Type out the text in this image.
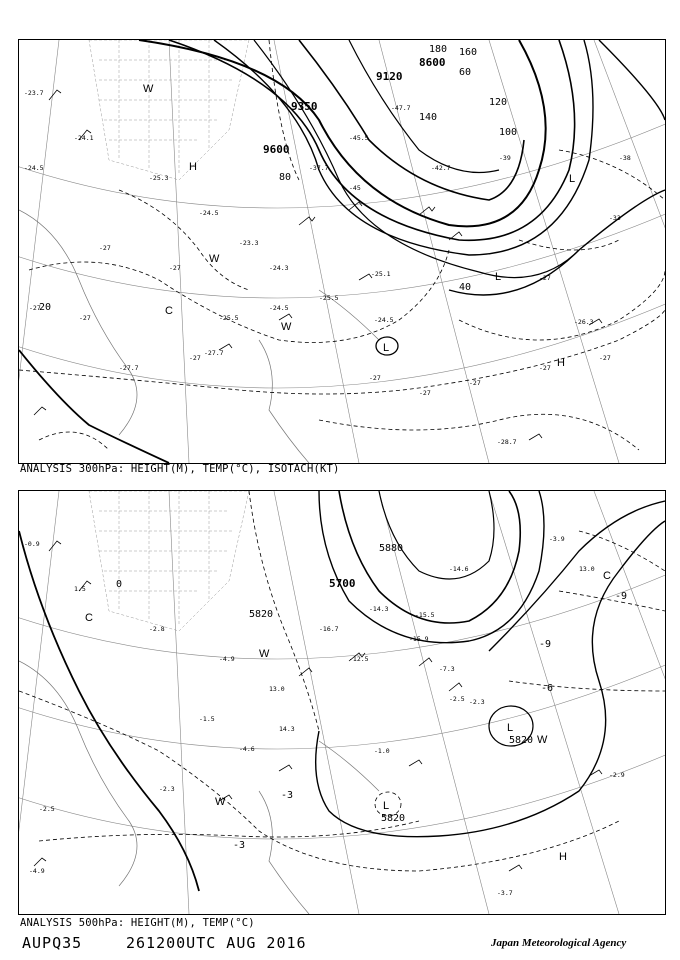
-23.7
-24.1
-24.5
-27
-25.5
-24.5
-25.5
-23.3
-24.5
-45
-37.7
-24.3
-39
-33
-38
-27
-27
-27
-27
-27
-27
-27
-27
-27
-25.3
-27
-27.7
-24.5
-25.1
-26.3
-27.7
-28.7
-42.7
-45.5
-47.7
8600
9120
9350
9600
20
40
60
80
100
120
140
160
180
L
L
L
C
H
H
W
W
W
ANALYSIS 300hPa: HEIGHT(M), TEMP(°C), ISOTACH(KT)
-0.9
1.5
-2.8
-4.9
13.0
-16.7
-12.5
-15.9
-7.3
-2.5
-1.5
-4.6
14.3
-2.5
-3.9
13.0
-2.3
-14.6
-1.0
-2.3
-2.9
-3.7
-4.9
-14.3
-15.5
5700
5820
5820
5820
5880
-3
-3
-6
-9
-9
0
L
L
C
C
H
W
W
W
ANALYSIS 500hPa: HEIGHT(M), TEMP(°C)
AUPQ35	261200UTC AUG 2016	Japan Meteorological Agency
